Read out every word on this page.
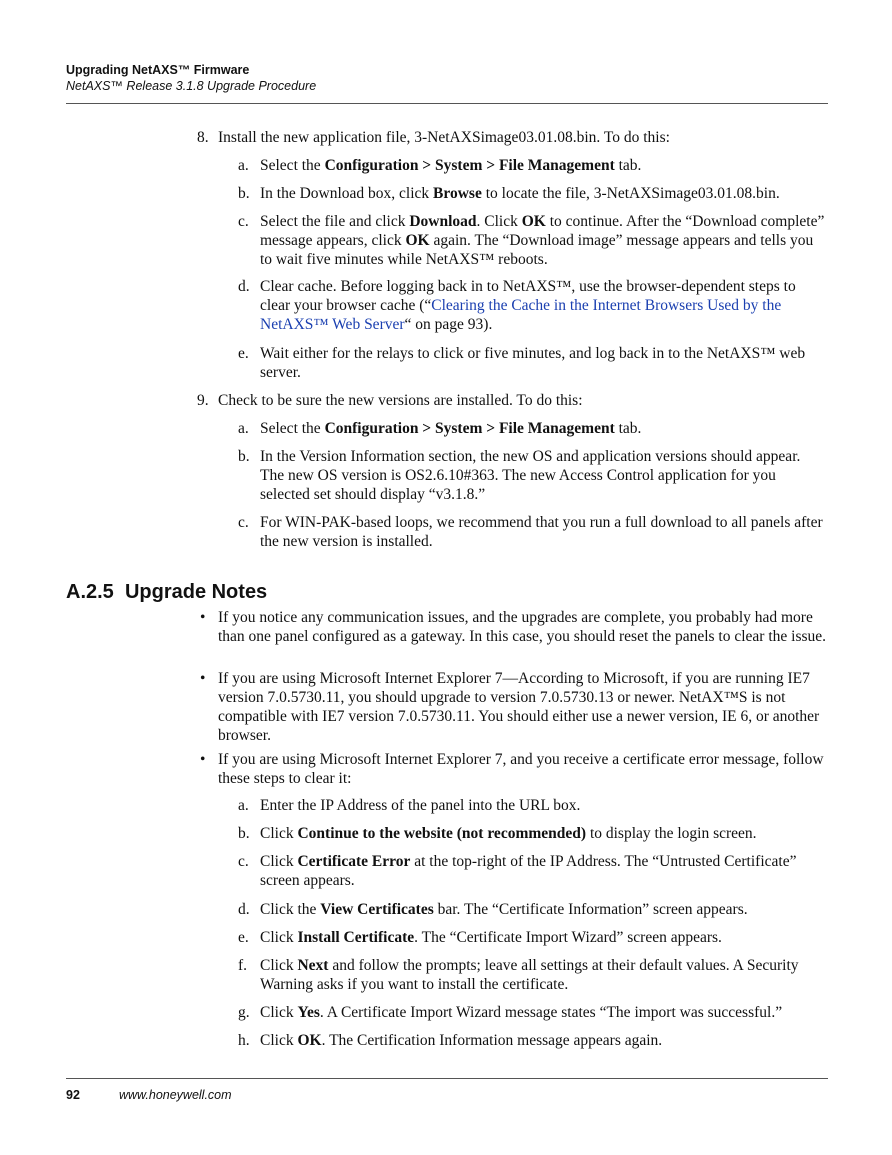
Upgrading NetAXS™ Firmware
NetAXS™ Release 3.1.8 Upgrade Procedure
8. Install the new application file, 3-NetAXSimage03.01.08.bin. To do this:
a. Select the Configuration > System > File Management tab.
b. In the Download box, click Browse to locate the file, 3-NetAXSimage03.01.08.bin.
c. Select the file and click Download. Click OK to continue. After the “Download complete” message appears, click OK again. The “Download image” message appears and tells you to wait five minutes while NetAXS™ reboots.
d. Clear cache. Before logging back in to NetAXS™, use the browser-dependent steps to clear your browser cache (“Clearing the Cache in the Internet Browsers Used by the NetAXS™ Web Server“ on page 93).
e. Wait either for the relays to click or five minutes, and log back in to the NetAXS™ web server.
9. Check to be sure the new versions are installed. To do this:
a. Select the Configuration > System > File Management tab.
b. In the Version Information section, the new OS and application versions should appear. The new OS version is OS2.6.10#363. The new Access Control application for you selected set should display “v3.1.8.”
c. For WIN-PAK-based loops, we recommend that you run a full download to all panels after the new version is installed.
A.2.5 Upgrade Notes
• If you notice any communication issues, and the upgrades are complete, you probably had more than one panel configured as a gateway. In this case, you should reset the panels to clear the issue.
• If you are using Microsoft Internet Explorer 7—According to Microsoft, if you are running IE7 version 7.0.5730.11, you should upgrade to version 7.0.5730.13 or newer. NetAX™S is not compatible with IE7 version 7.0.5730.11. You should either use a newer version, IE 6, or another browser.
• If you are using Microsoft Internet Explorer 7, and you receive a certificate error message, follow these steps to clear it:
a. Enter the IP Address of the panel into the URL box.
b. Click Continue to the website (not recommended) to display the login screen.
c. Click Certificate Error at the top-right of the IP Address. The “Untrusted Certificate” screen appears.
d. Click the View Certificates bar. The “Certificate Information” screen appears.
e. Click Install Certificate. The “Certificate Import Wizard” screen appears.
f. Click Next and follow the prompts; leave all settings at their default values. A Security Warning asks if you want to install the certificate.
g. Click Yes. A Certificate Import Wizard message states “The import was successful.”
h. Click OK. The Certification Information message appears again.
92	www.honeywell.com
